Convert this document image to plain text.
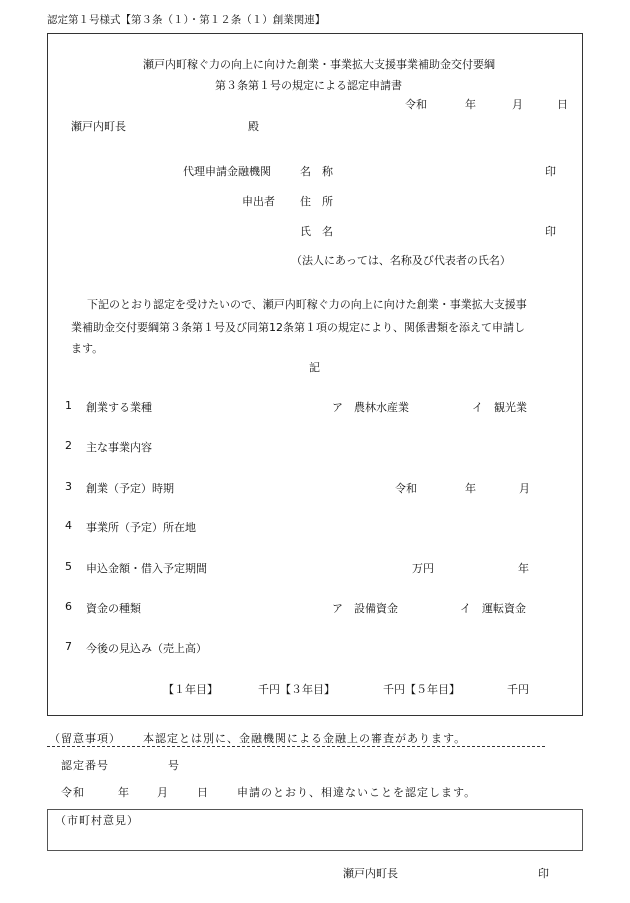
認定第１号様式【第３条（１）・第１２条（１）創業関連】
瀬戸内町稼ぐ力の向上に向けた創業・事業拡大支援事業補助金交付要綱
第３条第１号の規定による認定申請書
令和	年	月	日
瀬戸内町長	殿
代理申請金融機関	名　称	印
申出者 住　所
氏　名	印
（法人にあっては、名称及び代表者の氏名）
下記のとおり認定を受けたいので、瀬戸内町稼ぐ力の向上に向けた創業・事業拡大支援事
業補助金交付要綱第３条第１号及び同第12条第１項の規定により、関係書類を添えて申請し
ます。
記
1 創業する業種	ア　農林水産業	イ　観光業
2 主な事業内容
3 創業（予定）時期	令和	年	月
4 事業所（予定）所在地
5 申込金額・借入予定期間	万円	年
6 資金の種類	ア　設備資金	イ　運転資金
7 今後の見込み（売上高）
【１年目】	千円【３年目】	千円【５年目】	千円
（留意事項） 本認定とは別に、金融機関による金融上の審査があります。
認定番号	号
令和	年	月	日	申請のとおり、相違ないことを認定します。
（市町村意見）
瀬戸内町長	印
